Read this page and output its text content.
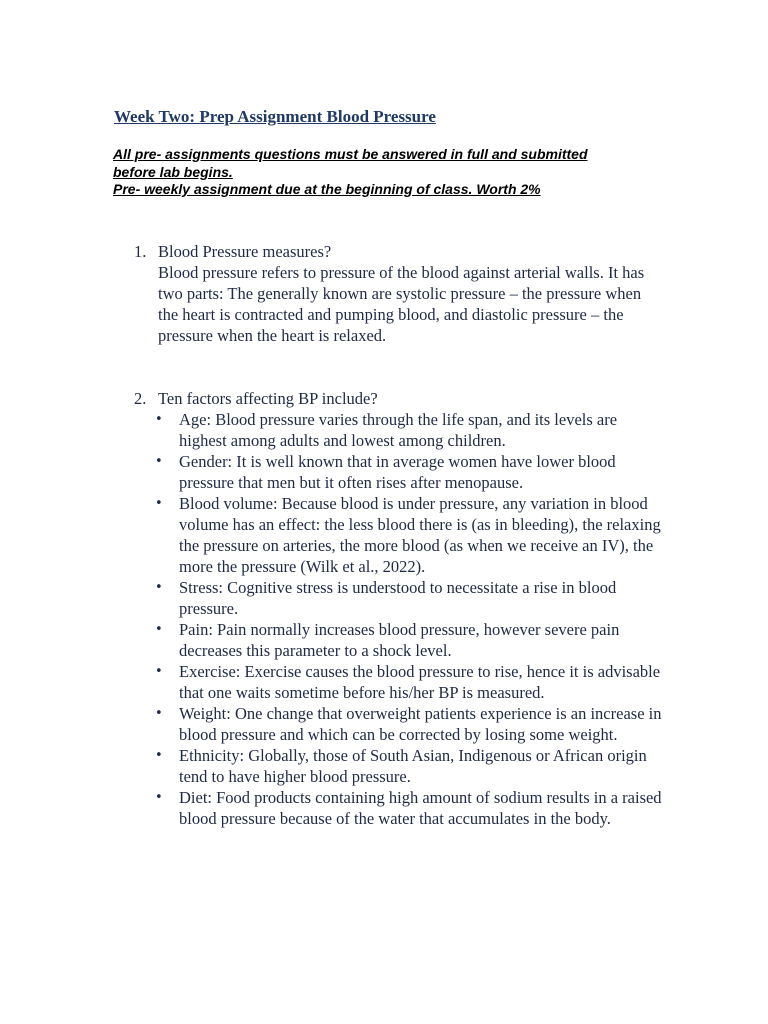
Week Two: Prep Assignment Blood Pressure
All pre- assignments questions must be answered in full and submitted
before lab begins.
Pre- weekly assignment due at the beginning of class. Worth 2%
1. Blood Pressure measures?
Blood pressure refers to pressure of the blood against arterial walls. It has two parts: The generally known are systolic pressure – the pressure when the heart is contracted and pumping blood, and diastolic pressure – the pressure when the heart is relaxed.
2. Ten factors affecting BP include?
• Age: Blood pressure varies through the life span, and its levels are highest among adults and lowest among children.
• Gender: It is well known that in average women have lower blood pressure that men but it often rises after menopause.
• Blood volume: Because blood is under pressure, any variation in blood volume has an effect: the less blood there is (as in bleeding), the relaxing the pressure on arteries, the more blood (as when we receive an IV), the more the pressure (Wilk et al., 2022).
• Stress: Cognitive stress is understood to necessitate a rise in blood pressure.
• Pain: Pain normally increases blood pressure, however severe pain decreases this parameter to a shock level.
• Exercise: Exercise causes the blood pressure to rise, hence it is advisable that one waits sometime before his/her BP is measured.
• Weight: One change that overweight patients experience is an increase in blood pressure and which can be corrected by losing some weight.
• Ethnicity: Globally, those of South Asian, Indigenous or African origin tend to have higher blood pressure.
• Diet: Food products containing high amount of sodium results in a raised blood pressure because of the water that accumulates in the body.
